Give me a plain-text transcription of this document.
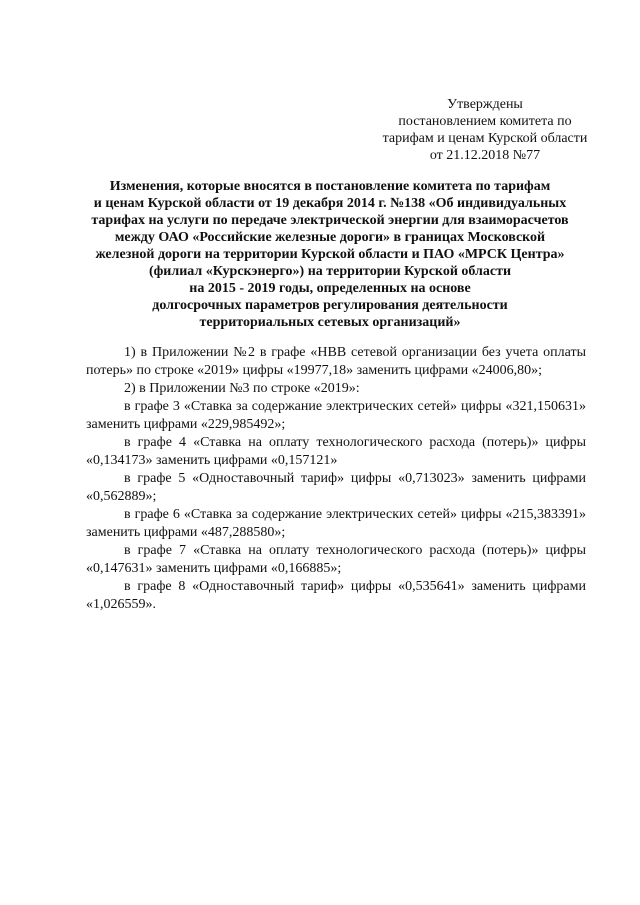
Утверждены
постановлением комитета по
тарифам и ценам Курской области
от 21.12.2018 №77
Изменения, которые вносятся в постановление комитета по тарифам
и ценам Курской области от 19 декабря 2014 г. №138 «Об индивидуальных
тарифах на услуги по передаче электрической энергии для взаиморасчетов
между ОАО «Российские железные дороги» в границах Московской
железной дороги на территории Курской области и ПАО «МРСК Центра»
(филиал «Курскэнерго») на территории Курской области
на 2015 - 2019 годы, определенных на основе
долгосрочных параметров регулирования деятельности
территориальных сетевых организаций»
1) в Приложении №2 в графе «НВВ сетевой организации без учета оплаты потерь» по строке «2019» цифры «19977,18» заменить цифрами «24006,80»;
2) в Приложении №3 по строке «2019»:
в графе 3 «Ставка за содержание электрических сетей» цифры «321,150631» заменить цифрами «229,985492»;
в графе 4 «Ставка на оплату технологического расхода (потерь)» цифры «0,134173» заменить цифрами «0,157121»
в графе 5 «Одноставочный тариф» цифры «0,713023» заменить цифрами «0,562889»;
в графе 6 «Ставка за содержание электрических сетей» цифры «215,383391» заменить цифрами «487,288580»;
в графе 7 «Ставка на оплату технологического расхода (потерь)» цифры «0,147631» заменить цифрами «0,166885»;
в графе 8 «Одноставочный тариф» цифры «0,535641» заменить цифрами «1,026559».
